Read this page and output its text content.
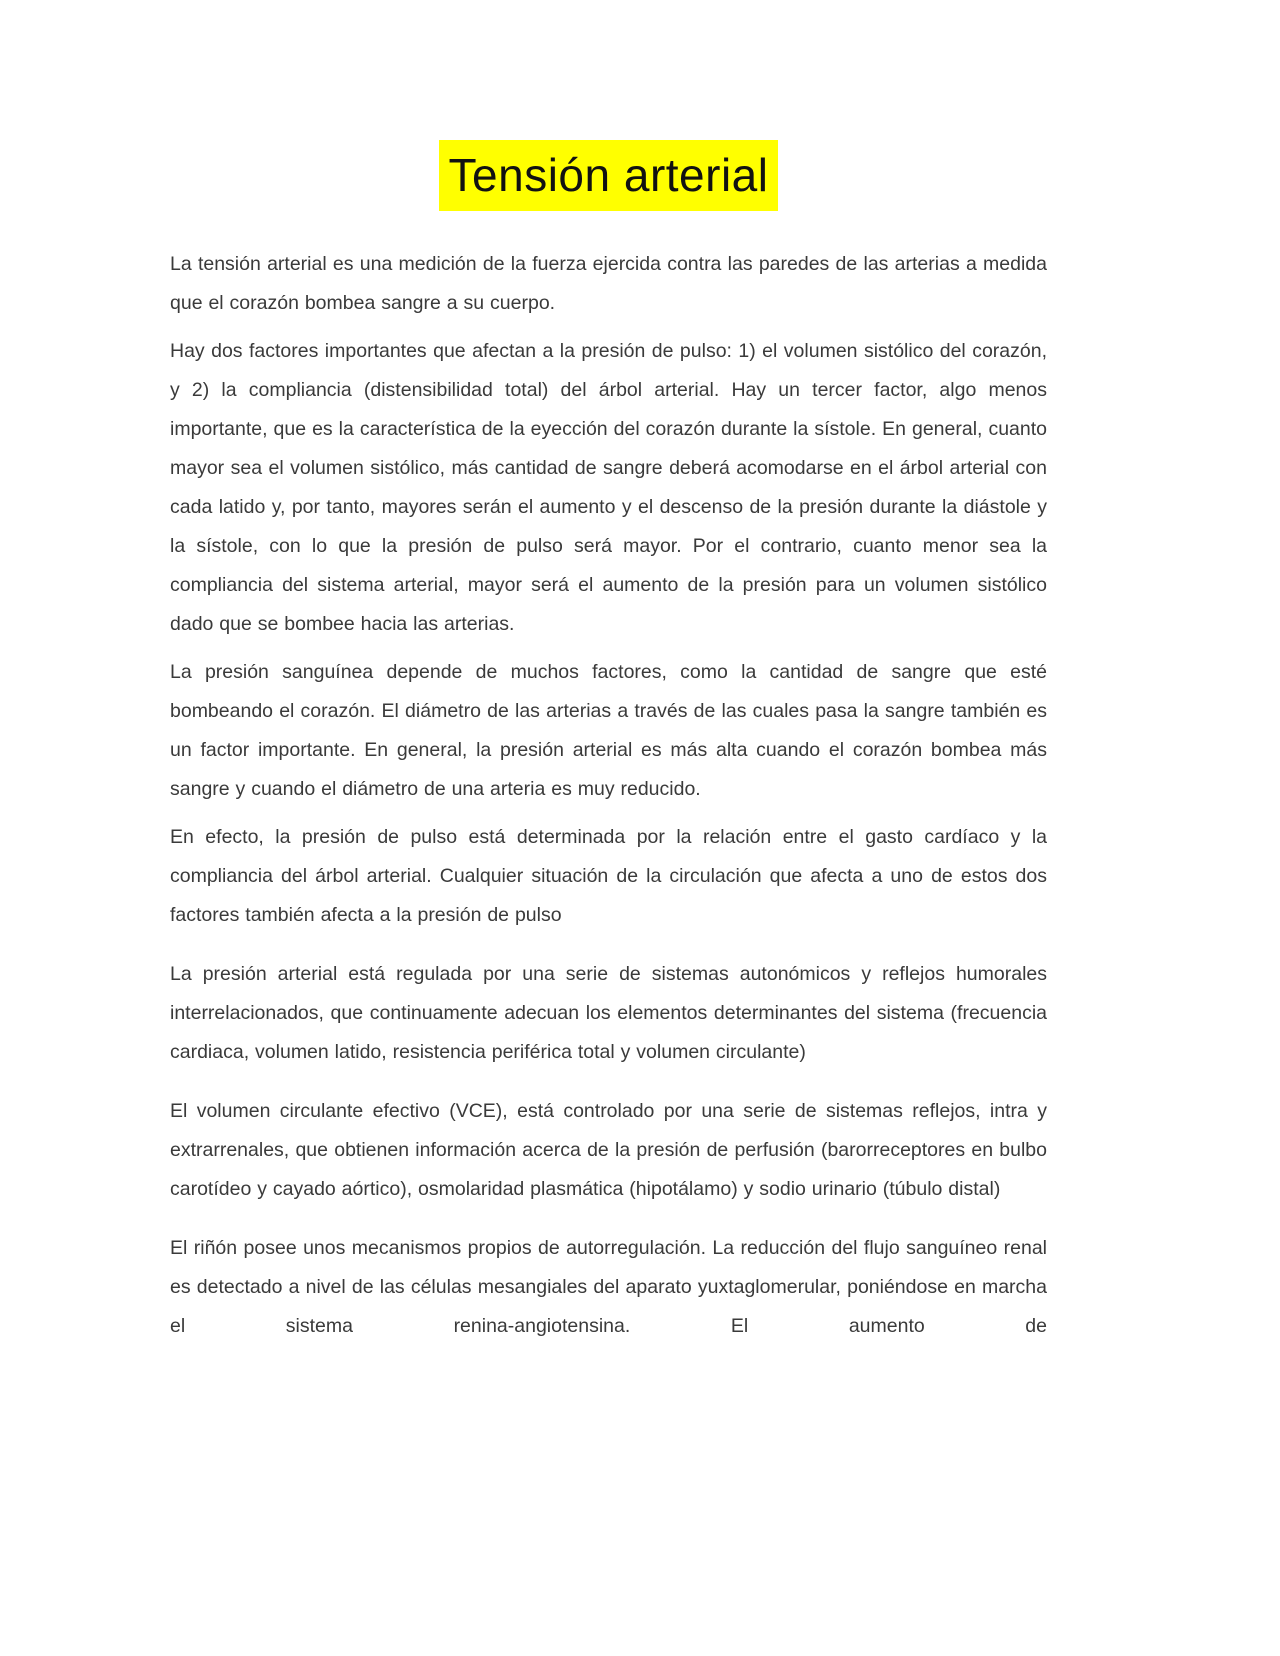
Tensión arterial

La tensión arterial es una medición de la fuerza ejercida contra las paredes de las arterias a medida que el corazón bombea sangre a su cuerpo.

Hay dos factores importantes que afectan a la presión de pulso: 1) el volumen sistólico del corazón, y 2) la compliancia (distensibilidad total) del árbol arterial. Hay un tercer factor, algo menos importante, que es la característica de la eyección del corazón durante la sístole. En general, cuanto mayor sea el volumen sistólico, más cantidad de sangre deberá acomodarse en el árbol arterial con cada latido y, por tanto, mayores serán el aumento y el descenso de la presión durante la diástole y la sístole, con lo que la presión de pulso será mayor. Por el contrario, cuanto menor sea la compliancia del sistema arterial, mayor será el aumento de la presión para un volumen sistólico dado que se bombee hacia las arterias.

La presión sanguínea depende de muchos factores, como la cantidad de sangre que esté bombeando el corazón. El diámetro de las arterias a través de las cuales pasa la sangre también es un factor importante. En general, la presión arterial es más alta cuando el corazón bombea más sangre y cuando el diámetro de una arteria es muy reducido.

En efecto, la presión de pulso está determinada por la relación entre el gasto cardíaco y la compliancia del árbol arterial. Cualquier situación de la circulación que afecta a uno de estos dos factores también afecta a la presión de pulso

La presión arterial está regulada por una serie de sistemas autonómicos y reflejos humorales interrelacionados, que continuamente adecuan los elementos determinantes del sistema (frecuencia cardiaca, volumen latido, resistencia periférica total y volumen circulante)

El volumen circulante efectivo (VCE), está controlado por una serie de sistemas reflejos, intra y extrarrenales, que obtienen información acerca de la presión de perfusión (barorreceptores en bulbo carotídeo y cayado aórtico), osmolaridad plasmática (hipotálamo) y sodio urinario (túbulo distal)

El riñón posee unos mecanismos propios de autorregulación. La reducción del flujo sanguíneo renal es detectado a nivel de las células mesangiales del aparato yuxtaglomerular, poniéndose en marcha el sistema renina-angiotensina. El aumento de
